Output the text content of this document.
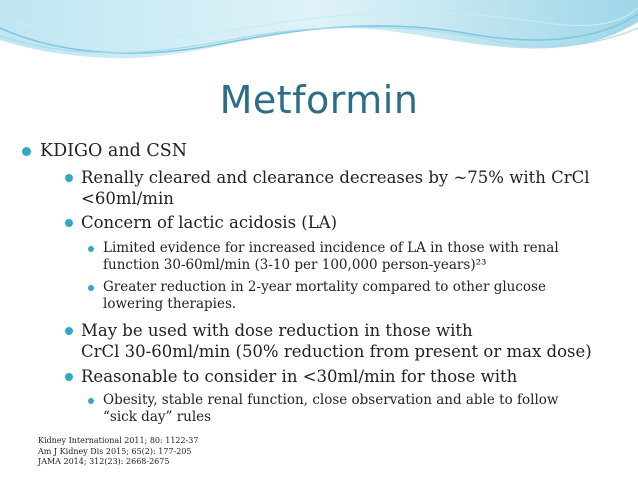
Metformin
KDIGO and CSN
Renally cleared and clearance decreases by ~75% with CrCl
<60ml/min
Concern of lactic acidosis (LA)
Limited evidence for increased incidence of LA in those with renal
function 30-60ml/min (3-10 per 100,000 person-years)²³
Greater reduction in 2-year mortality compared to other glucose
lowering therapies.
May be used with dose reduction in those with
CrCl 30-60ml/min (50% reduction from present or max dose)
Reasonable to consider in <30ml/min for those with
Obesity, stable renal function, close observation and able to follow
“sick day” rules
Kidney International 2011; 80: 1122-37
Am J Kidney Dis 2015; 65(2): 177-205
JAMA 2014; 312(23): 2668-2675
